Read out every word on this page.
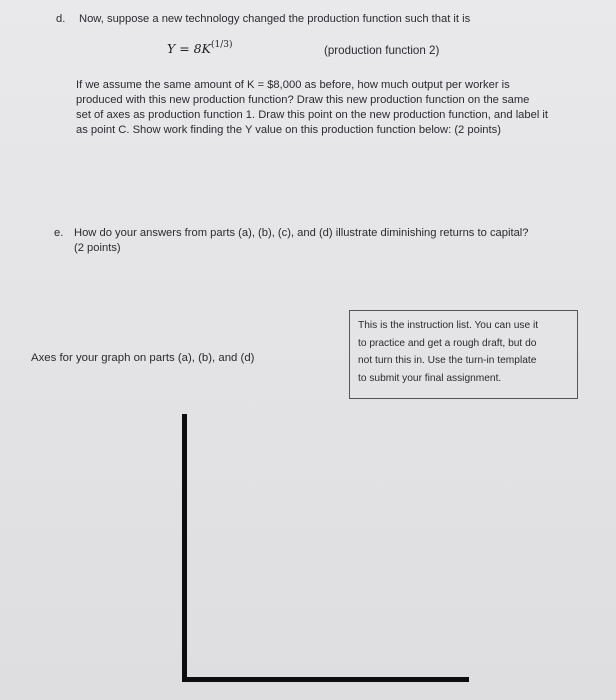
d. Now, suppose a new technology changed the production function such that it is
$Y = 8K^{(1/3)}$	(production function 2)
If we assume the same amount of K = $8,000 as before, how much output per worker is
produced with this new production function? Draw this new production function on the same
set of axes as production function 1. Draw this point on the new production function, and label it
as point C. Show work finding the Y value on this production function below: (2 points)
e. How do your answers from parts (a), (b), (c), and (d) illustrate diminishing returns to capital?
(2 points)
Axes for your graph on parts (a), (b), and (d)
This is the instruction list. You can use it
to practice and get a rough draft, but do
not turn this in. Use the turn-in template
to submit your final assignment.
